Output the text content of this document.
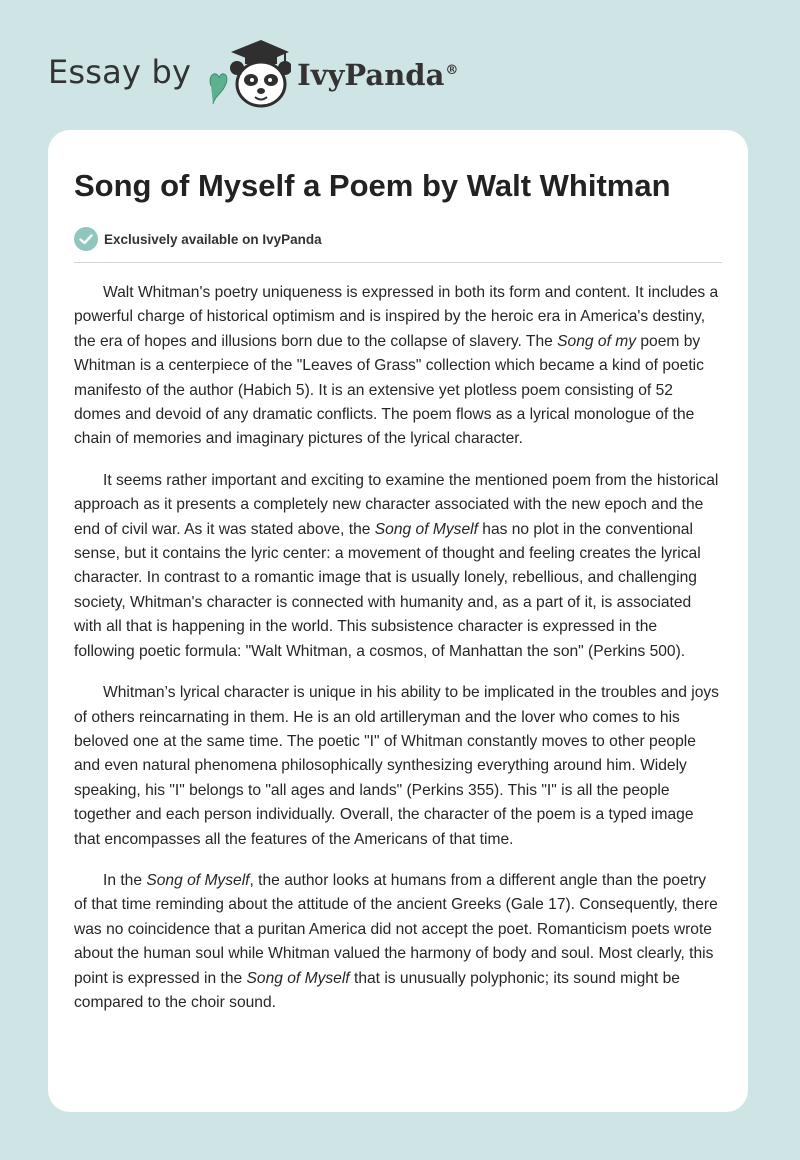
Essay by	IvyPanda®
Song of Myself a Poem by Walt Whitman
Exclusively available on IvyPanda

Walt Whitman's poetry uniqueness is expressed in both its form and content. It includes a powerful charge of historical optimism and is inspired by the heroic era in America's destiny, the era of hopes and illusions born due to the collapse of slavery. The Song of my poem by Whitman is a centerpiece of the "Leaves of Grass" collection which became a kind of poetic manifesto of the author (Habich 5). It is an extensive yet plotless poem consisting of 52 domes and devoid of any dramatic conflicts. The poem flows as a lyrical monologue of the chain of memories and imaginary pictures of the lyrical character.

It seems rather important and exciting to examine the mentioned poem from the historical approach as it presents a completely new character associated with the new epoch and the end of civil war. As it was stated above, the Song of Myself has no plot in the conventional sense, but it contains the lyric center: a movement of thought and feeling creates the lyrical character. In contrast to a romantic image that is usually lonely, rebellious, and challenging society, Whitman's character is connected with humanity and, as a part of it, is associated with all that is happening in the world. This subsistence character is expressed in the following poetic formula: "Walt Whitman, a cosmos, of Manhattan the son" (Perkins 500).

Whitman’s lyrical character is unique in his ability to be implicated in the troubles and joys of others reincarnating in them. He is an old artilleryman and the lover who comes to his beloved one at the same time. The poetic "I" of Whitman constantly moves to other people and even natural phenomena philosophically synthesizing everything around him. Widely speaking, his "I" belongs to "all ages and lands" (Perkins 355). This "I" is all the people together and each person individually. Overall, the character of the poem is a typed image that encompasses all the features of the Americans of that time.

In the Song of Myself, the author looks at humans from a different angle than the poetry of that time reminding about the attitude of the ancient Greeks (Gale 17). Consequently, there was no coincidence that a puritan America did not accept the poet. Romanticism poets wrote about the human soul while Whitman valued the harmony of body and soul. Most clearly, this point is expressed in the Song of Myself that is unusually polyphonic; its sound might be compared to the choir sound.
